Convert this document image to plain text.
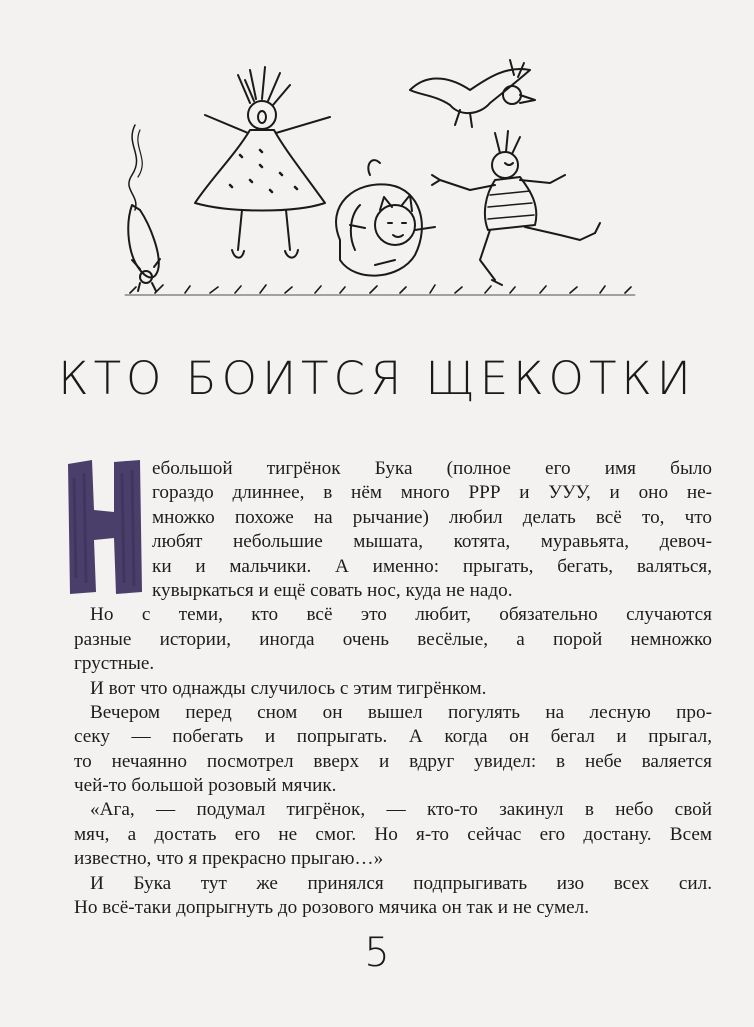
КТО БОИТСЯ ЩЕКОТКИ
ебольшой тигрёнок Бука (полное его имя было
гораздо длиннее, в нём много РРР и УУУ, и оно не-
множко похоже на рычание) любил делать всё то, что
любят небольшие мышата, котята, муравьята, девоч-
ки и мальчики. А именно: прыгать, бегать, валяться,
кувыркаться и ещё совать нос, куда не надо.
Но с теми, кто всё это любит, обязательно случаются
разные истории, иногда очень весёлые, а порой немножко
грустные.
И вот что однажды случилось с этим тигрёнком.
Вечером перед сном он вышел погулять на лесную про-
секу — побегать и попрыгать. А когда он бегал и прыгал,
то нечаянно посмотрел вверх и вдруг увидел: в небе валяется
чей-то большой розовый мячик.
«Ага, — подумал тигрёнок, — кто-то закинул в небо свой
мяч, а достать его не смог. Но я-то сейчас его достану. Всем
известно, что я прекрасно прыгаю…»
И Бука тут же принялся подпрыгивать изо всех сил.
Но всё-таки допрыгнуть до розового мячика он так и не сумел.
5
